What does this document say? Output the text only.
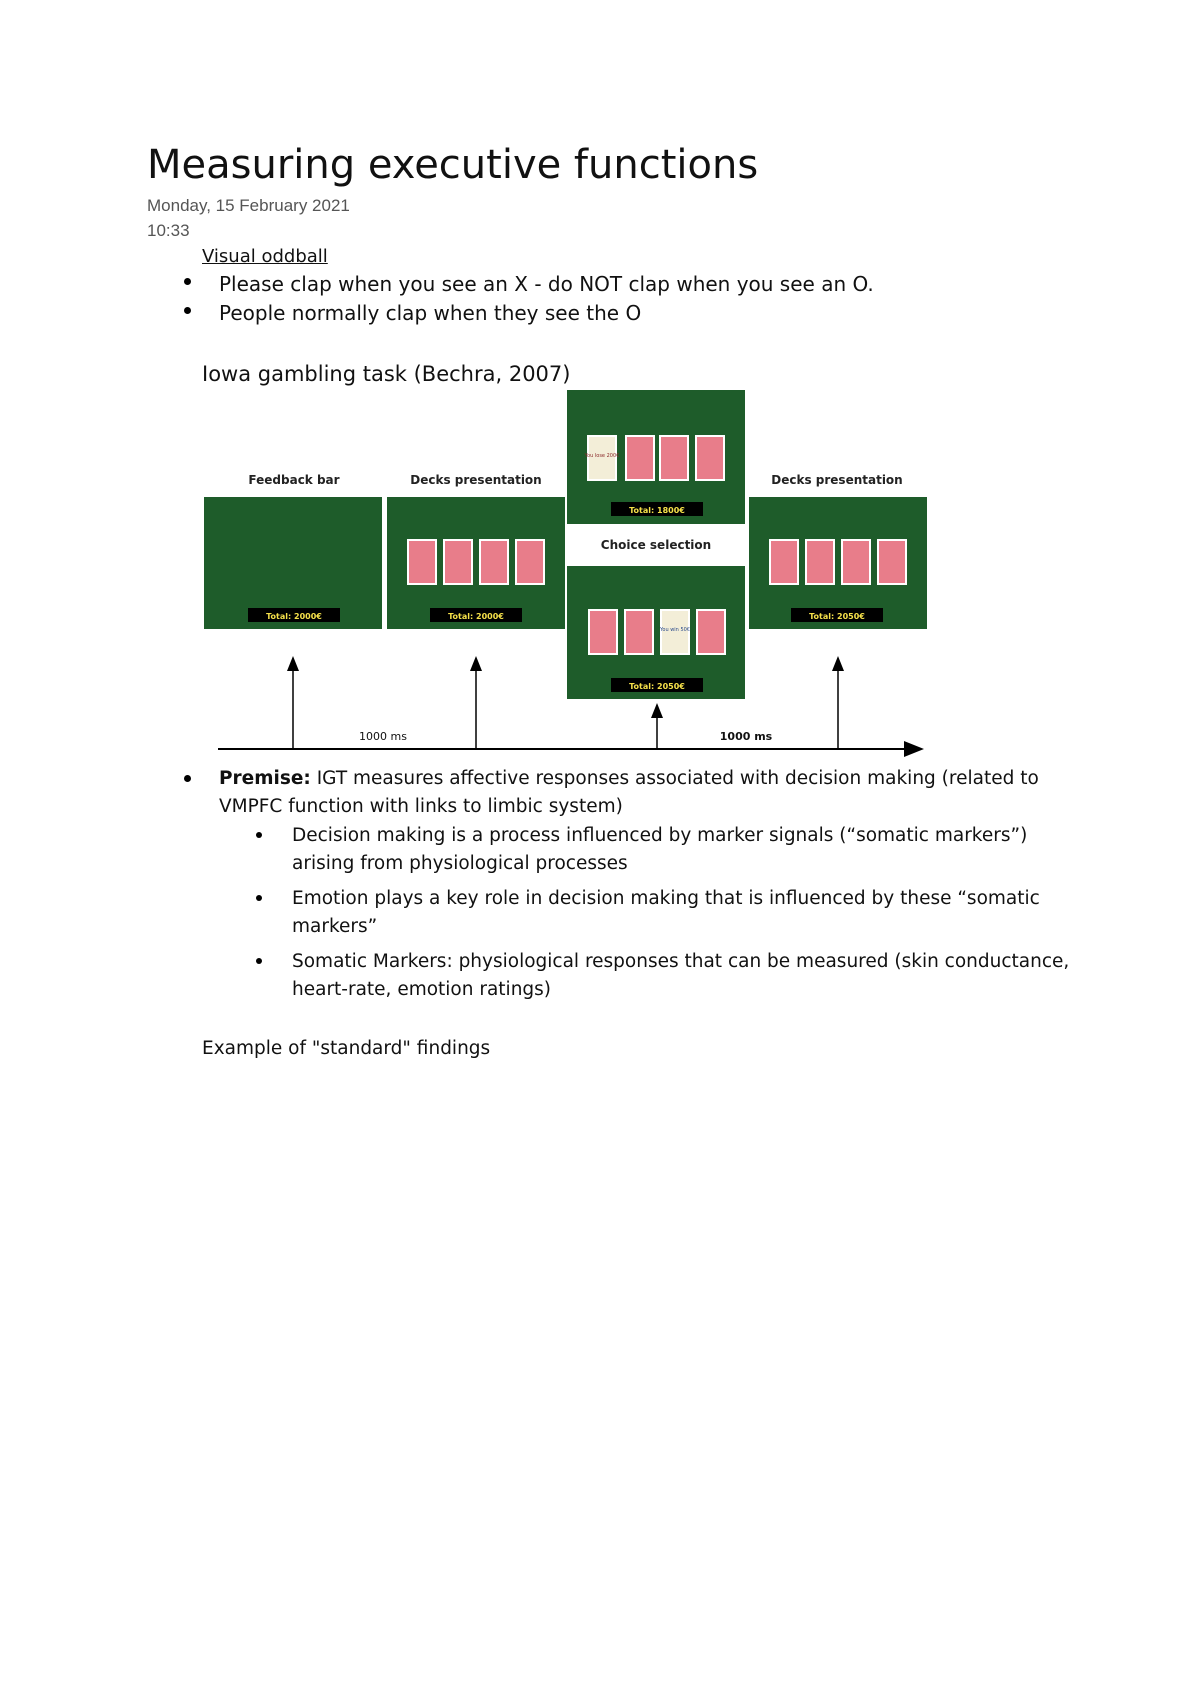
Measuring executive functions
Monday, 15 February 2021
10:33
Visual oddball
Please clap when you see an X - do NOT clap when you see an O.
People normally clap when they see the O
Iowa gambling task (Bechra, 2007)
Feedback bar	Decks presentation
Choice selection
Decks presentation
Total: 2000€	Total: 2000€
You lose 200€
Total: 1800€
You win 50€
Total: 2050€
Total: 2050€
1000 ms	1000 ms
Premise: IGT measures affective responses associated with decision making (related to VMPFC function with links to limbic system)
Decision making is a process influenced by marker signals (“somatic markers”) arising from physiological processes
Emotion plays a key role in decision making that is influenced by these “somatic markers”
Somatic Markers: physiological responses that can be measured (skin conductance, heart-rate, emotion ratings)
Example of "standard" findings
